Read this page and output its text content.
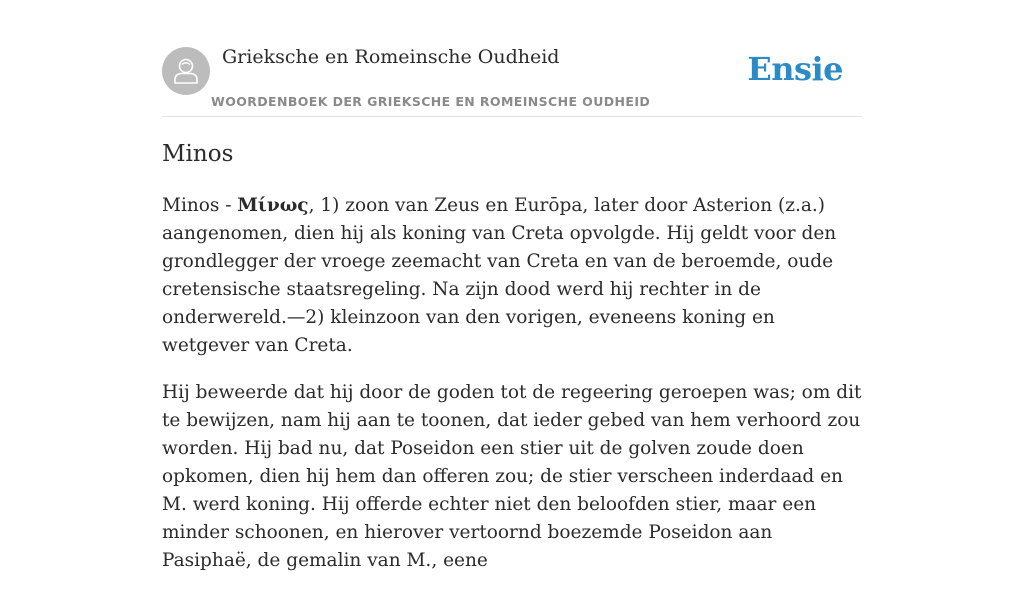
Grieksche en Romeinsche Oudheid
WOORDENBOEK DER GRIEKSCHE EN ROMEINSCHE OUDHEID
Ensie
Minos

Minos - Μίνως, 1) zoon van Zeus en Eurōpa, later door Asterion (z.a.) aangenomen, dien hij als koning van Creta opvolgde. Hij geldt voor den grondlegger der vroege zeemacht van Creta en van de beroemde, oude cretensische staatsregeling. Na zijn dood werd hij rechter in de onderwereld.—2) kleinzoon van den vorigen, eveneens koning en wetgever van Creta.

Hij beweerde dat hij door de goden tot de regeering geroepen was; om dit te bewijzen, nam hij aan te toonen, dat ieder gebed van hem verhoord zou worden. Hij bad nu, dat Poseidon een stier uit de golven zoude doen opkomen, dien hij hem dan offeren zou; de stier verscheen inderdaad en M. werd koning. Hij offerde echter niet den beloofden stier, maar een minder schoonen, en hierover vertoornd boezemde Poseidon aan Pasiphaë, de gemalin van M., eene
